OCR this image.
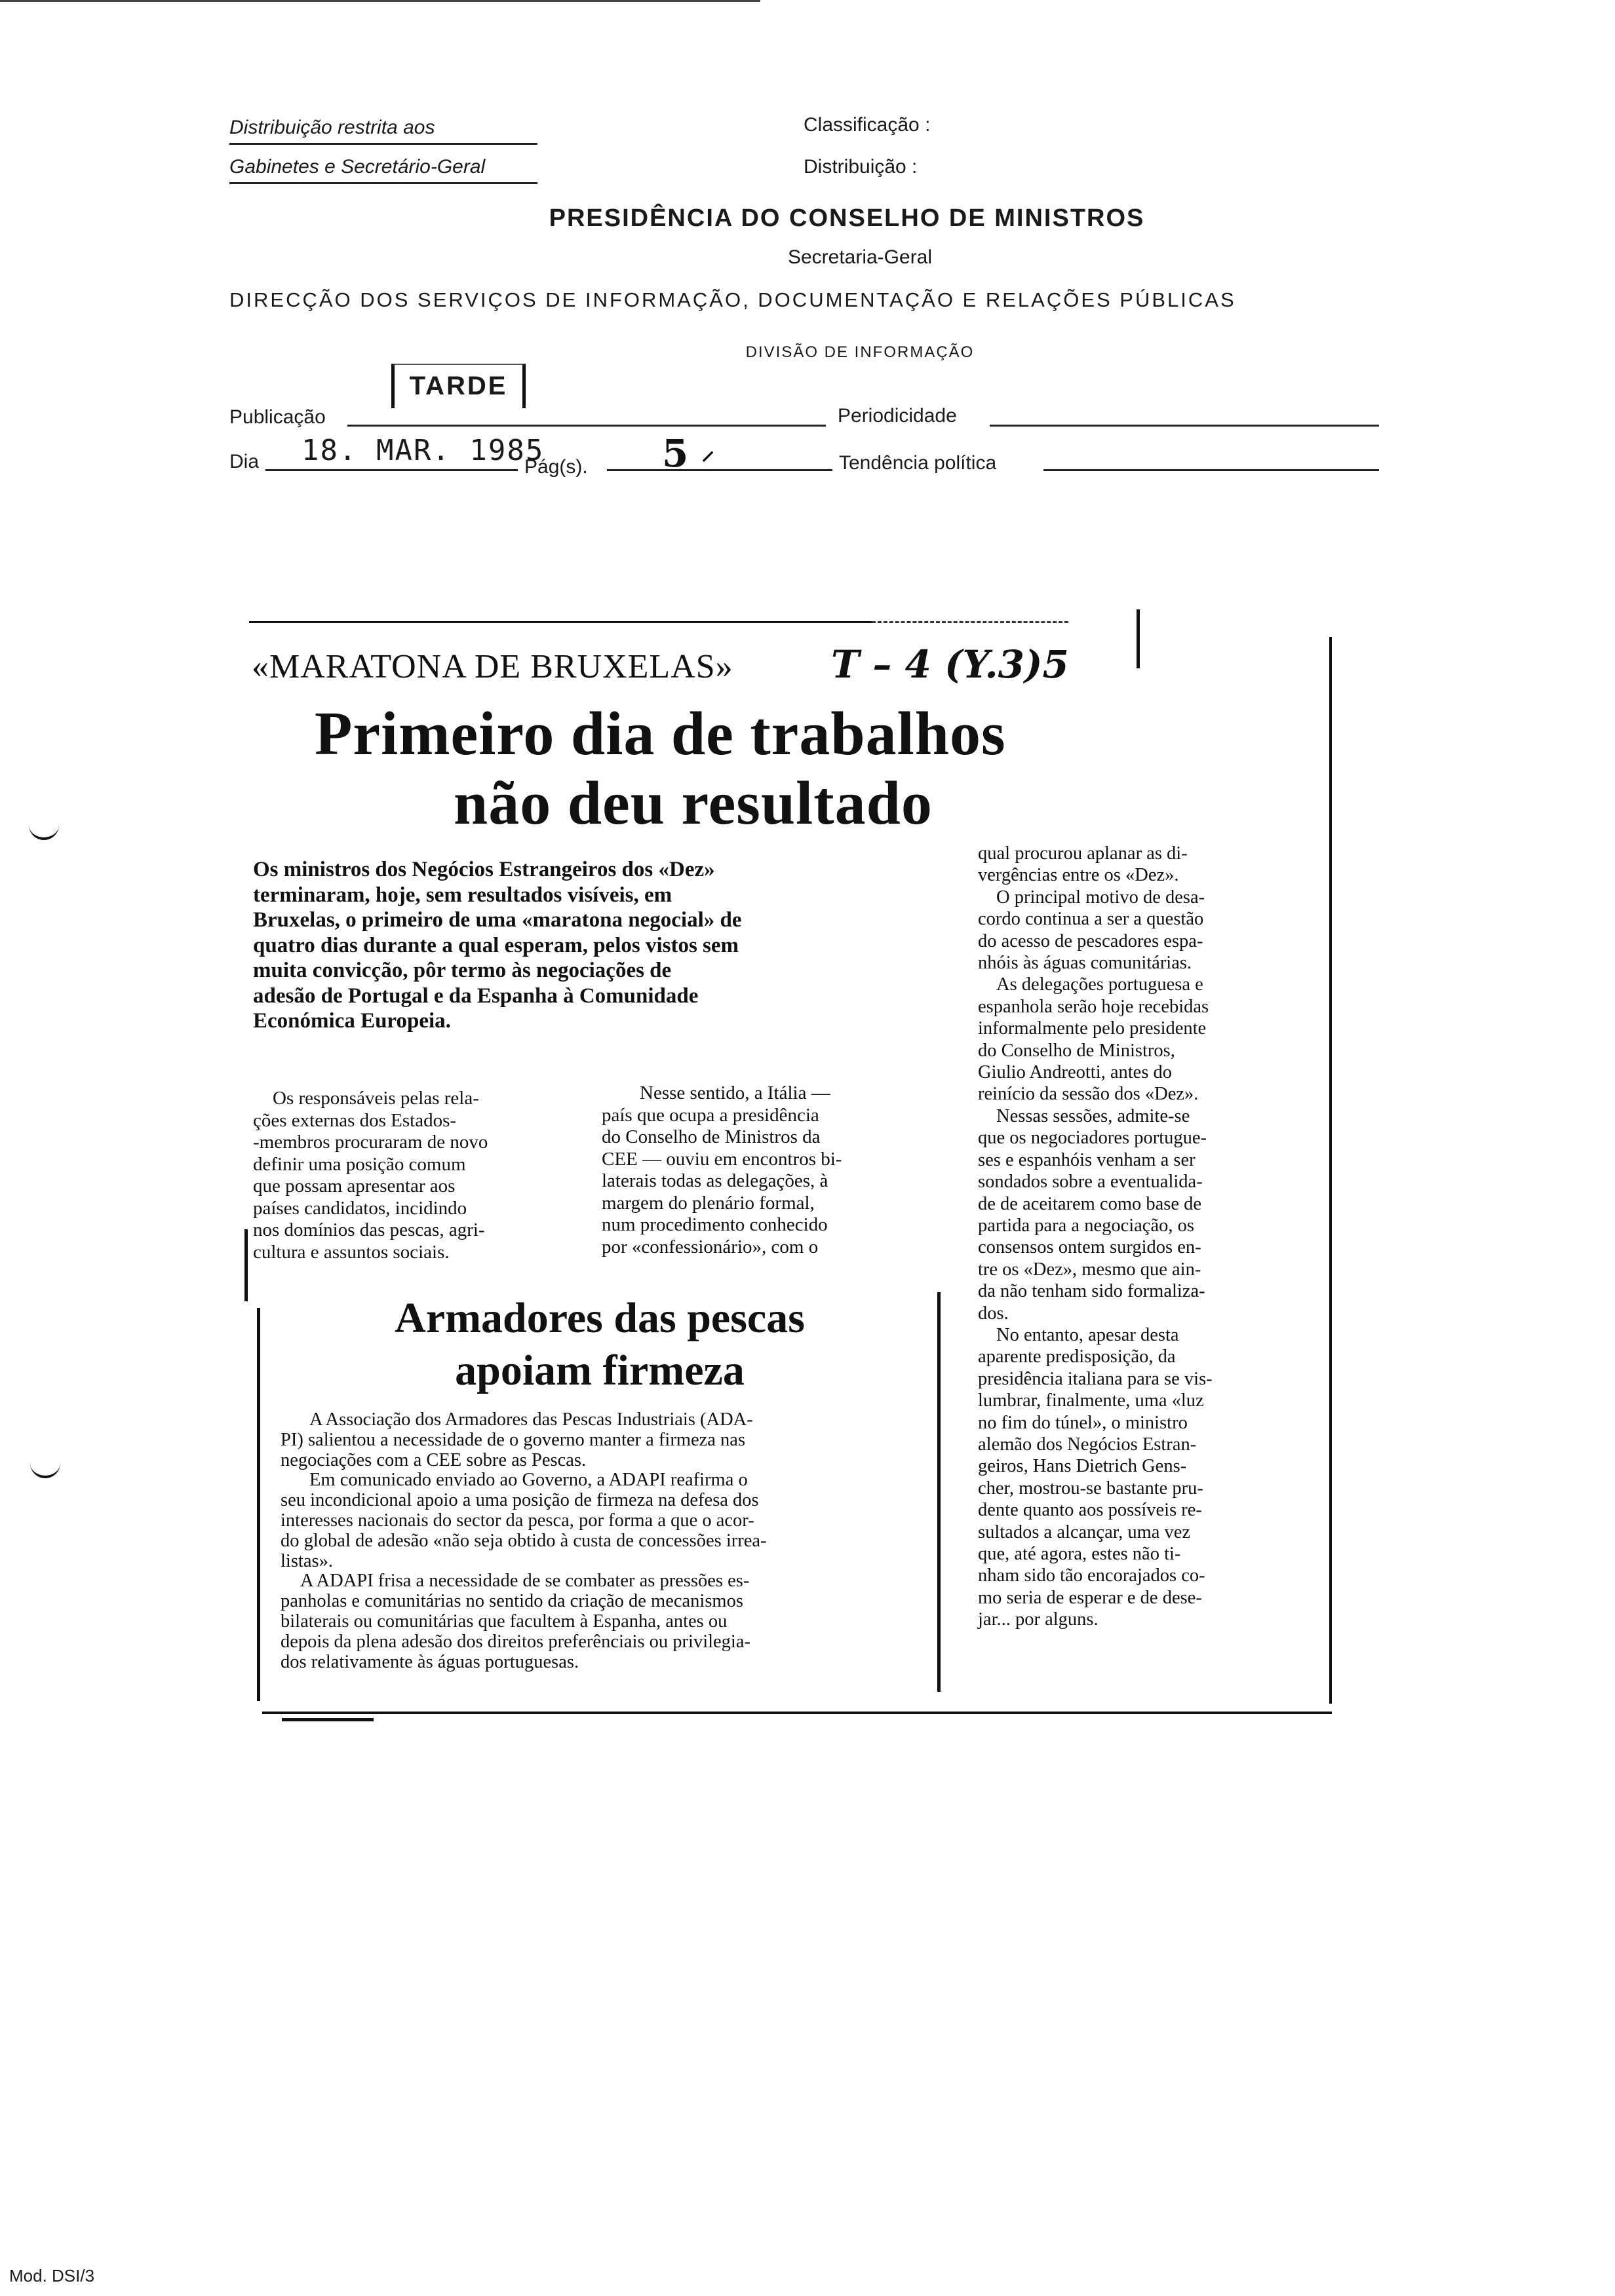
Distribuição restrita aos
Gabinetes e Secretário-Geral
Classificação :
Distribuição :
PRESIDÊNCIA DO CONSELHO DE MINISTROS
Secretaria-Geral
DIRECÇÃO DOS SERVIÇOS DE INFORMAÇÃO, DOCUMENTAÇÃO E RELAÇÕES PÚBLICAS
DIVISÃO DE INFORMAÇÃO
TARDE
Publicação	Periodicidade
Dia 18. MAR. 1985
Pág(s). 5 ⸝	Tendência política
«MARATONA DE BRUXELAS»	T – 4 (Y.3)5
Primeiro dia de trabalhos
não deu resultado
Os ministros dos Negócios Estrangeiros dos «Dez»
terminaram, hoje, sem resultados visíveis, em
Bruxelas, o primeiro de uma «maratona negocial» de
quatro dias durante a qual esperam, pelos vistos sem
muita convicção, pôr termo às negociações de
adesão de Portugal e da Espanha à Comunidade
Económica Europeia.
Os responsáveis pelas rela-
ções externas dos Estados-
-membros procuraram de novo
definir uma posição comum
que possam apresentar aos
países candidatos, incidindo
nos domínios das pescas, agri-
cultura e assuntos sociais.
Nesse sentido, a Itália —
país que ocupa a presidência
do Conselho de Ministros da
CEE — ouviu em encontros bi-
laterais todas as delegações, à
margem do plenário formal,
num procedimento conhecido
por «confessionário», com o
qual procurou aplanar as di-
vergências entre os «Dez».
O principal motivo de desa-
cordo continua a ser a questão
do acesso de pescadores espa-
nhóis às águas comunitárias.
As delegações portuguesa e
espanhola serão hoje recebidas
informalmente pelo presidente
do Conselho de Ministros,
Giulio Andreotti, antes do
reinício da sessão dos «Dez».
Nessas sessões, admite-se
que os negociadores portugue-
ses e espanhóis venham a ser
sondados sobre a eventualida-
de de aceitarem como base de
partida para a negociação, os
consensos ontem surgidos en-
tre os «Dez», mesmo que ain-
da não tenham sido formaliza-
dos.
No entanto, apesar desta
aparente predisposição, da
presidência italiana para se vis-
lumbrar, finalmente, uma «luz
no fim do túnel», o ministro
alemão dos Negócios Estran-
geiros, Hans Dietrich Gens-
cher, mostrou-se bastante pru-
dente quanto aos possíveis re-
sultados a alcançar, uma vez
que, até agora, estes não ti-
nham sido tão encorajados co-
mo seria de esperar e de dese-
jar... por alguns.
Armadores das pescas
apoiam firmeza
A Associação dos Armadores das Pescas Industriais (ADA-
PI) salientou a necessidade de o governo manter a firmeza nas
negociações com a CEE sobre as Pescas.
Em comunicado enviado ao Governo, a ADAPI reafirma o
seu incondicional apoio a uma posição de firmeza na defesa dos
interesses nacionais do sector da pesca, por forma a que o acor-
do global de adesão «não seja obtido à custa de concessões irrea-
listas».
A ADAPI frisa a necessidade de se combater as pressões es-
panholas e comunitárias no sentido da criação de mecanismos
bilaterais ou comunitárias que facultem à Espanha, antes ou
depois da plena adesão dos direitos preferênciais ou privilegia-
dos relativamente às águas portuguesas.
Mod. DSI/3
